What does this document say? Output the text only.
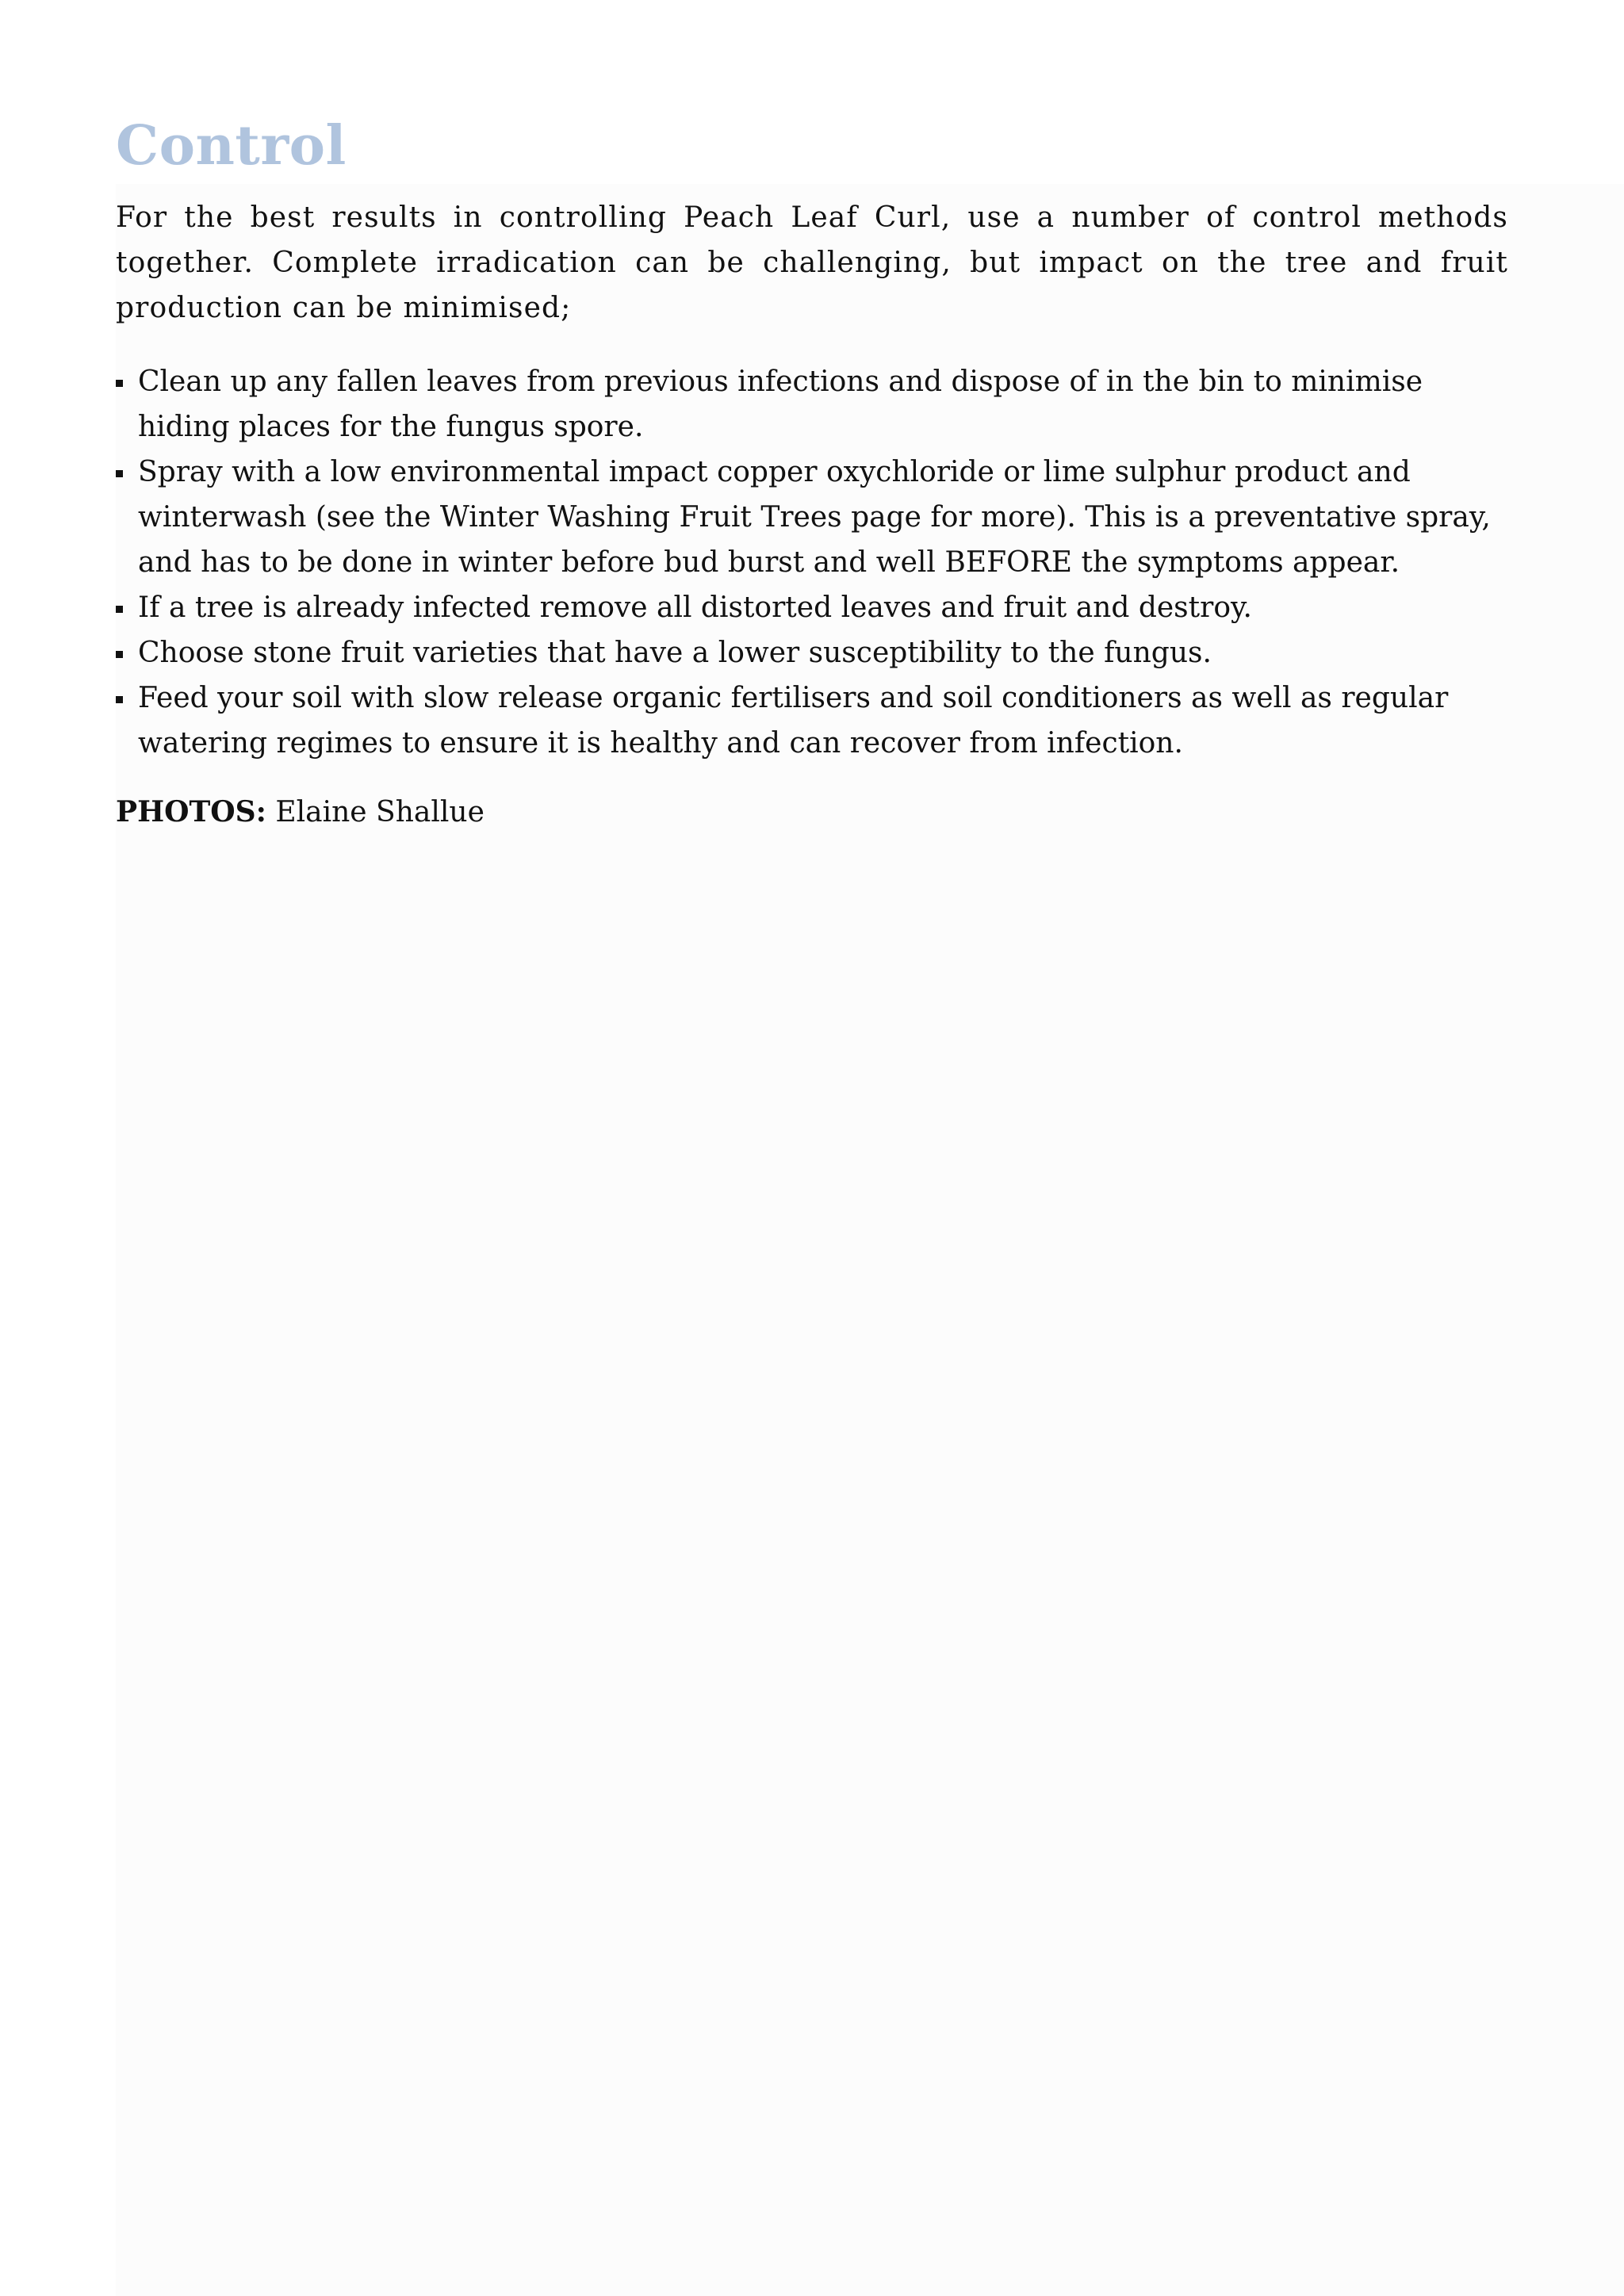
Control

For the best results in controlling Peach Leaf Curl, use a number of control methods together. Complete irradication can be challenging, but impact on the tree and fruit production can be minimised;

Clean up any fallen leaves from previous infections and dispose of in the bin to minimise hiding places for the fungus spore.
Spray with a low environmental impact copper oxychloride or lime sulphur product and winterwash (see the Winter Washing Fruit Trees page for more). This is a preventative spray, and has to be done in winter before bud burst and well BEFORE the symptoms appear.
If a tree is already infected remove all distorted leaves and fruit and destroy.
Choose stone fruit varieties that have a lower susceptibility to the fungus.
Feed your soil with slow release organic fertilisers and soil conditioners as well as regular watering regimes to ensure it is healthy and can recover from infection.

PHOTOS: Elaine Shallue
